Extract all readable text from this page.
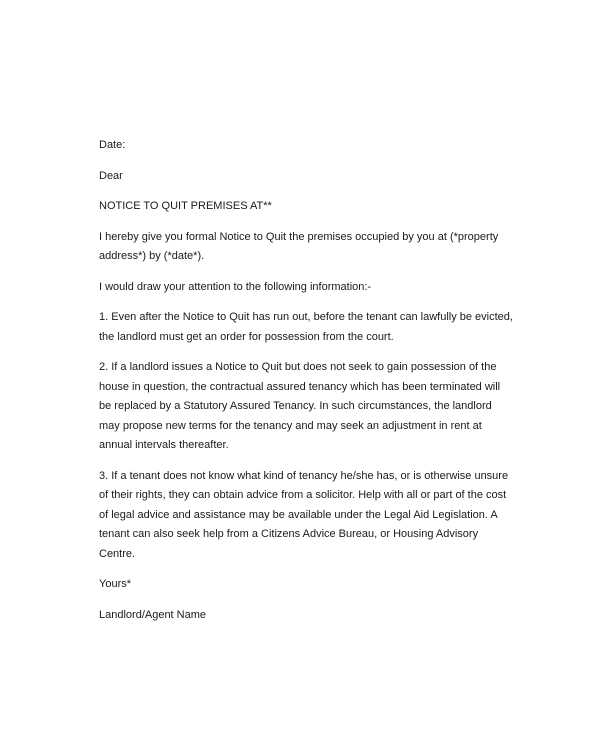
Date:

Dear

NOTICE TO QUIT PREMISES AT**

I hereby give you formal Notice to Quit the premises occupied by you at (*property
address*) by (*date*).

I would draw your attention to the following information:-

1. Even after the Notice to Quit has run out, before the tenant can lawfully be evicted,
the landlord must get an order for possession from the court.

2. If a landlord issues a Notice to Quit but does not seek to gain possession of the
house in question, the contractual assured tenancy which has been terminated will
be replaced by a Statutory Assured Tenancy. In such circumstances, the landlord
may propose new terms for the tenancy and may seek an adjustment in rent at
annual intervals thereafter.

3. If a tenant does not know what kind of tenancy he/she has, or is otherwise unsure
of their rights, they can obtain advice from a solicitor. Help with all or part of the cost
of legal advice and assistance may be available under the Legal Aid Legislation. A
tenant can also seek help from a Citizens Advice Bureau, or Housing Advisory
Centre.

Yours*

Landlord/Agent Name
